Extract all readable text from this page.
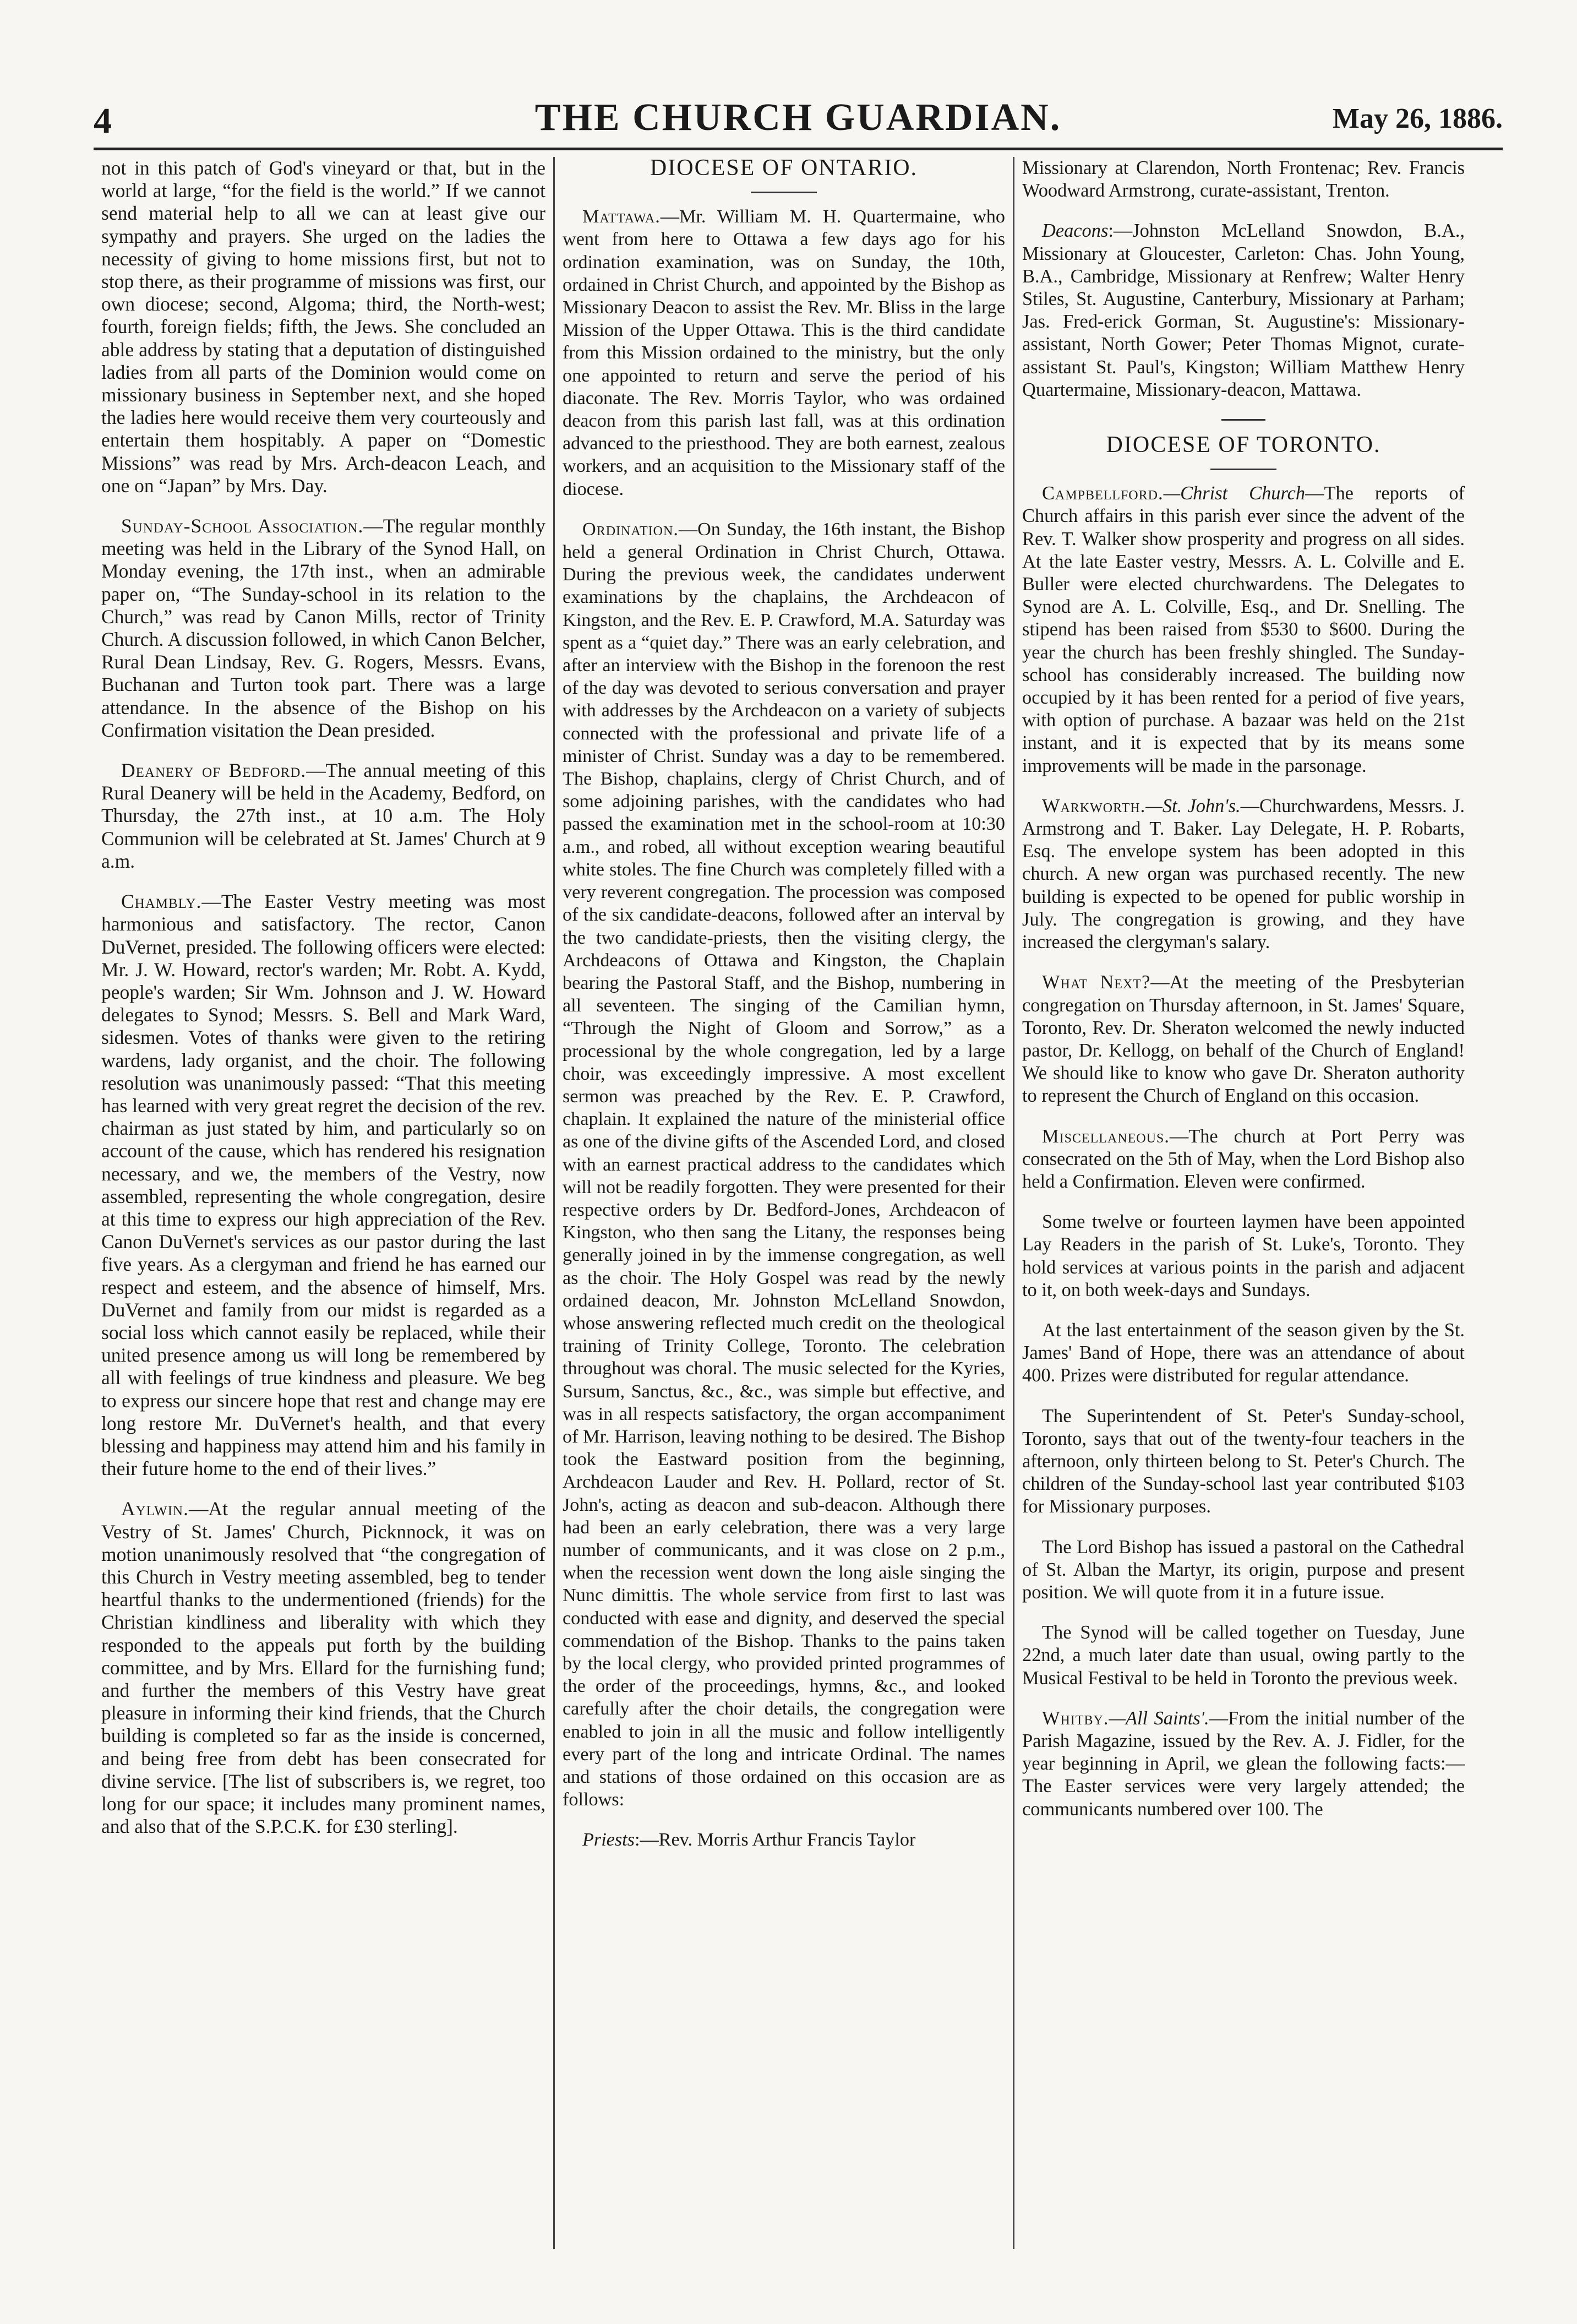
4	THE CHURCH GUARDIAN.	May 26, 1886.

not in this patch of God's vineyard or that, but in the world at large, “for the field is the world.” If we cannot send material help to all we can at least give our sympathy and prayers. She urged on the ladies the necessity of giving to home missions first, but not to stop there, as their programme of missions was first, our own diocese; second, Algoma; third, the North-west; fourth, foreign fields; fifth, the Jews. She concluded an able address by stating that a deputation of distinguished ladies from all parts of the Dominion would come on missionary business in September next, and she hoped the ladies here would receive them very courteously and entertain them hospitably. A paper on “Domestic Missions” was read by Mrs. Arch-deacon Leach, and one on “Japan” by Mrs. Day.

Sunday-School Association.—The regular monthly meeting was held in the Library of the Synod Hall, on Monday evening, the 17th inst., when an admirable paper on, “The Sunday-school in its relation to the Church,” was read by Canon Mills, rector of Trinity Church. A discussion followed, in which Canon Belcher, Rural Dean Lindsay, Rev. G. Rogers, Messrs. Evans, Buchanan and Turton took part. There was a large attendance. In the absence of the Bishop on his Confirmation visitation the Dean presided.

Deanery of Bedford.—The annual meeting of this Rural Deanery will be held in the Academy, Bedford, on Thursday, the 27th inst., at 10 a.m. The Holy Communion will be celebrated at St. James' Church at 9 a.m.

Chambly.—The Easter Vestry meeting was most harmonious and satisfactory. The rector, Canon DuVernet, presided. The following officers were elected: Mr. J. W. Howard, rector's warden; Mr. Robt. A. Kydd, people's warden; Sir Wm. Johnson and J. W. Howard delegates to Synod; Messrs. S. Bell and Mark Ward, sidesmen. Votes of thanks were given to the retiring wardens, lady organist, and the choir. The following resolution was unanimously passed: “That this meeting has learned with very great regret the decision of the rev. chairman as just stated by him, and particularly so on account of the cause, which has rendered his resignation necessary, and we, the members of the Vestry, now assembled, representing the whole congregation, desire at this time to express our high appreciation of the Rev. Canon DuVernet's services as our pastor during the last five years. As a clergyman and friend he has earned our respect and esteem, and the absence of himself, Mrs. DuVernet and family from our midst is regarded as a social loss which cannot easily be replaced, while their united presence among us will long be remembered by all with feelings of true kindness and pleasure. We beg to express our sincere hope that rest and change may ere long restore Mr. DuVernet's health, and that every blessing and happiness may attend him and his family in their future home to the end of their lives.”

Aylwin.—At the regular annual meeting of the Vestry of St. James' Church, Picknnock, it was on motion unanimously resolved that “the congregation of this Church in Vestry meeting assembled, beg to tender heartful thanks to the undermentioned (friends) for the Christian kindliness and liberality with which they responded to the appeals put forth by the building committee, and by Mrs. Ellard for the furnishing fund; and further the members of this Vestry have great pleasure in informing their kind friends, that the Church building is completed so far as the inside is concerned, and being free from debt has been consecrated for divine service. [The list of subscribers is, we regret, too long for our space; it includes many prominent names, and also that of the S.P.C.K. for £30 sterling].

DIOCESE OF ONTARIO.

Mattawa.—Mr. William M. H. Quartermaine, who went from here to Ottawa a few days ago for his ordination examination, was on Sunday, the 10th, ordained in Christ Church, and appointed by the Bishop as Missionary Deacon to assist the Rev. Mr. Bliss in the large Mission of the Upper Ottawa. This is the third candidate from this Mission ordained to the ministry, but the only one appointed to return and serve the period of his diaconate. The Rev. Morris Taylor, who was ordained deacon from this parish last fall, was at this ordination advanced to the priesthood. They are both earnest, zealous workers, and an acquisition to the Missionary staff of the diocese.

Ordination.—On Sunday, the 16th instant, the Bishop held a general Ordination in Christ Church, Ottawa. During the previous week, the candidates underwent examinations by the chaplains, the Archdeacon of Kingston, and the Rev. E. P. Crawford, M.A. Saturday was spent as a “quiet day.” There was an early celebration, and after an interview with the Bishop in the forenoon the rest of the day was devoted to serious conversation and prayer with addresses by the Archdeacon on a variety of subjects connected with the professional and private life of a minister of Christ. Sunday was a day to be remembered. The Bishop, chaplains, clergy of Christ Church, and of some adjoining parishes, with the candidates who had passed the examination met in the school-room at 10:30 a.m., and robed, all without exception wearing beautiful white stoles. The fine Church was completely filled with a very reverent congregation. The procession was composed of the six candidate-deacons, followed after an interval by the two candidate-priests, then the visiting clergy, the Archdeacons of Ottawa and Kingston, the Chaplain bearing the Pastoral Staff, and the Bishop, numbering in all seventeen. The singing of the Camilian hymn, “Through the Night of Gloom and Sorrow,” as a processional by the whole congregation, led by a large choir, was exceedingly impressive. A most excellent sermon was preached by the Rev. E. P. Crawford, chaplain. It explained the nature of the ministerial office as one of the divine gifts of the Ascended Lord, and closed with an earnest practical address to the candidates which will not be readily forgotten. They were presented for their respective orders by Dr. Bedford-Jones, Archdeacon of Kingston, who then sang the Litany, the responses being generally joined in by the immense congregation, as well as the choir. The Holy Gospel was read by the newly ordained deacon, Mr. Johnston McLelland Snowdon, whose answering reflected much credit on the theological training of Trinity College, Toronto. The celebration throughout was choral. The music selected for the Kyries, Sursum, Sanctus, &c., &c., was simple but effective, and was in all respects satisfactory, the organ accompaniment of Mr. Harrison, leaving nothing to be desired. The Bishop took the Eastward position from the beginning, Archdeacon Lauder and Rev. H. Pollard, rector of St. John's, acting as deacon and sub-deacon. Although there had been an early celebration, there was a very large number of communicants, and it was close on 2 p.m., when the recession went down the long aisle singing the Nunc dimittis. The whole service from first to last was conducted with ease and dignity, and deserved the special commendation of the Bishop. Thanks to the pains taken by the local clergy, who provided printed programmes of the order of the proceedings, hymns, &c., and looked carefully after the choir details, the congregation were enabled to join in all the music and follow intelligently every part of the long and intricate Ordinal. The names and stations of those ordained on this occasion are as follows:

Priests:—Rev. Morris Arthur Francis Taylor

Missionary at Clarendon, North Frontenac; Rev. Francis Woodward Armstrong, curate-assistant, Trenton.

Deacons:—Johnston McLelland Snowdon, B.A., Missionary at Gloucester, Carleton: Chas. John Young, B.A., Cambridge, Missionary at Renfrew; Walter Henry Stiles, St. Augustine, Canterbury, Missionary at Parham; Jas. Fred-erick Gorman, St. Augustine's: Missionary-assistant, North Gower; Peter Thomas Mignot, curate-assistant St. Paul's, Kingston; William Matthew Henry Quartermaine, Missionary-deacon, Mattawa.

DIOCESE OF TORONTO.

Campbellford.—Christ Church—The reports of Church affairs in this parish ever since the advent of the Rev. T. Walker show prosperity and progress on all sides. At the late Easter vestry, Messrs. A. L. Colville and E. Buller were elected churchwardens. The Delegates to Synod are A. L. Colville, Esq., and Dr. Snelling. The stipend has been raised from $530 to $600. During the year the church has been freshly shingled. The Sunday-school has considerably increased. The building now occupied by it has been rented for a period of five years, with option of purchase. A bazaar was held on the 21st instant, and it is expected that by its means some improvements will be made in the parsonage.

Warkworth.—St. John's.—Churchwardens, Messrs. J. Armstrong and T. Baker. Lay Delegate, H. P. Robarts, Esq. The envelope system has been adopted in this church. A new organ was purchased recently. The new building is expected to be opened for public worship in July. The congregation is growing, and they have increased the clergyman's salary.

What Next?—At the meeting of the Presbyterian congregation on Thursday afternoon, in St. James' Square, Toronto, Rev. Dr. Sheraton welcomed the newly inducted pastor, Dr. Kellogg, on behalf of the Church of England! We should like to know who gave Dr. Sheraton authority to represent the Church of England on this occasion.

Miscellaneous.—The church at Port Perry was consecrated on the 5th of May, when the Lord Bishop also held a Confirmation. Eleven were confirmed.

Some twelve or fourteen laymen have been appointed Lay Readers in the parish of St. Luke's, Toronto. They hold services at various points in the parish and adjacent to it, on both week-days and Sundays.

At the last entertainment of the season given by the St. James' Band of Hope, there was an attendance of about 400. Prizes were distributed for regular attendance.

The Superintendent of St. Peter's Sunday-school, Toronto, says that out of the twenty-four teachers in the afternoon, only thirteen belong to St. Peter's Church. The children of the Sunday-school last year contributed $103 for Missionary purposes.

The Lord Bishop has issued a pastoral on the Cathedral of St. Alban the Martyr, its origin, purpose and present position. We will quote from it in a future issue.

The Synod will be called together on Tuesday, June 22nd, a much later date than usual, owing partly to the Musical Festival to be held in Toronto the previous week.

Whitby.—All Saints'.—From the initial number of the Parish Magazine, issued by the Rev. A. J. Fidler, for the year beginning in April, we glean the following facts:—The Easter services were very largely attended; the communicants numbered over 100. The
